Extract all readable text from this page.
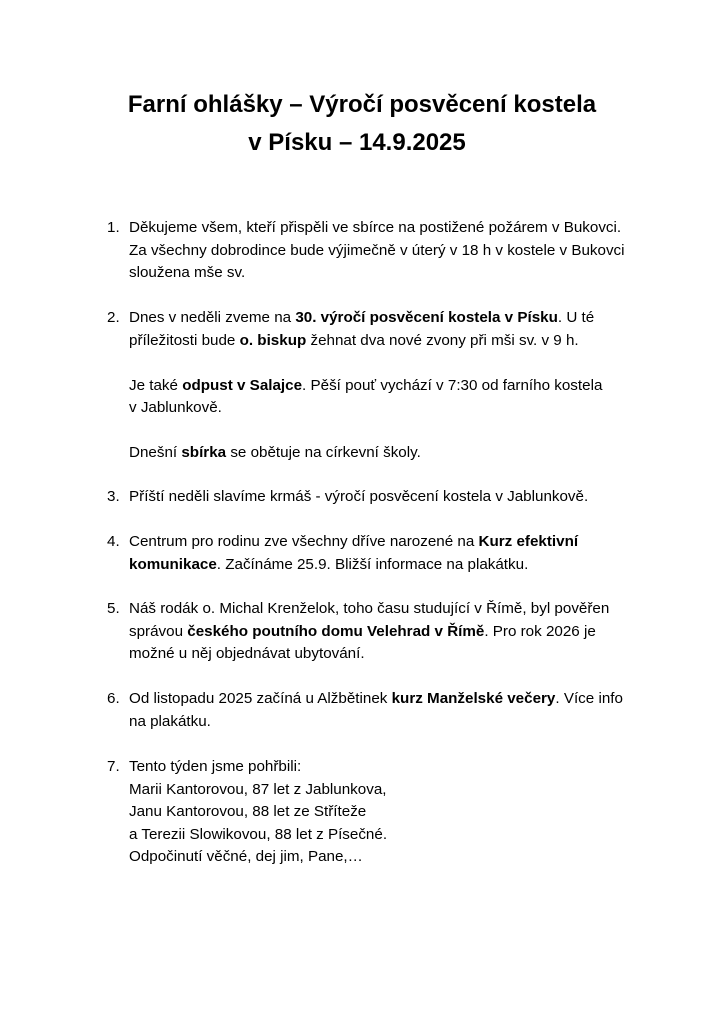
Farní ohlášky – Výročí posvěcení kostela
v Písku – 14.9.2025
1. Děkujeme všem, kteří přispěli ve sbírce na postižené požárem v Bukovci.
Za všechny dobrodince bude výjimečně v úterý v 18 h v kostele v Bukovci
sloužena mše sv.
2. Dnes v neděli zveme na 30. výročí posvěcení kostela v Písku. U té
příležitosti bude o. biskup žehnat dva nové zvony při mši sv. v 9 h.
Je také odpust v Salajce. Pěší pouť vychází v 7:30 od farního kostela
v Jablunkově.
Dnešní sbírka se obětuje na církevní školy.
3. Příští neděli slavíme krmáš - výročí posvěcení kostela v Jablunkově.
4. Centrum pro rodinu zve všechny dříve narozené na Kurz efektivní
komunikace. Začínáme 25.9. Bližší informace na plakátku.
5. Náš rodák o. Michal Krenželok, toho času studující v Římě, byl pověřen
správou českého poutního domu Velehrad v Římě. Pro rok 2026 je
možné u něj objednávat ubytování.
6. Od listopadu 2025 začíná u Alžbětinek kurz Manželské večery. Více info
na plakátku.
7. Tento týden jsme pohřbili:
Marii Kantorovou, 87 let z Jablunkova,
Janu Kantorovou, 88 let ze Stříteže
a Terezii Slowikovou, 88 let z Písečné.
Odpočinutí věčné, dej jim, Pane,…
